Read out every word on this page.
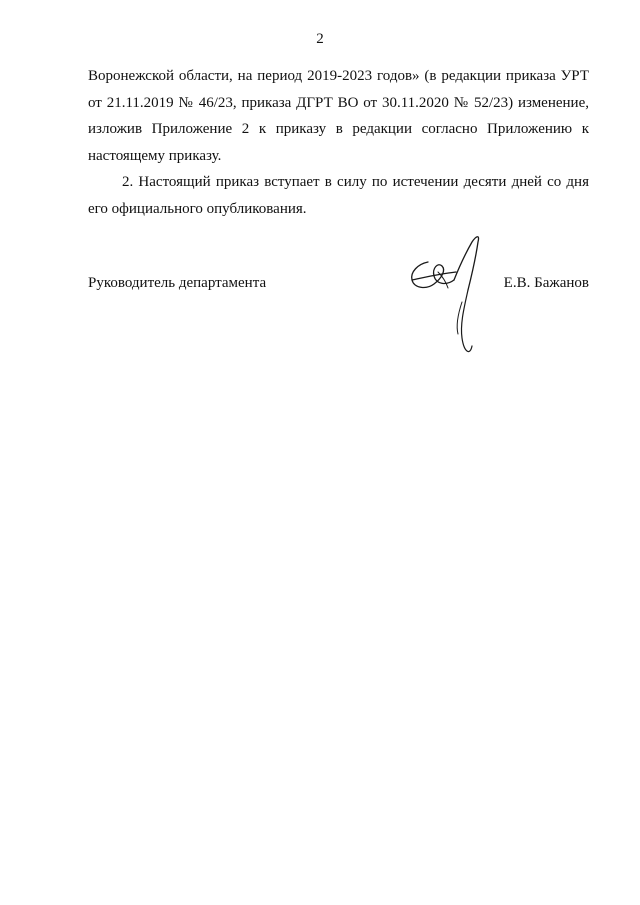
2
Воронежской области, на период 2019-2023 годов» (в редакции приказа УРТ
от 21.11.2019 № 46/23, приказа ДГРТ ВО от 30.11.2020 № 52/23) изменение,
изложив Приложение 2 к приказу в редакции согласно Приложению к
настоящему приказу.
2. Настоящий приказ вступает в силу по истечении десяти дней со дня
его официального опубликования.
Руководитель департамента	Е.В. Бажанов
